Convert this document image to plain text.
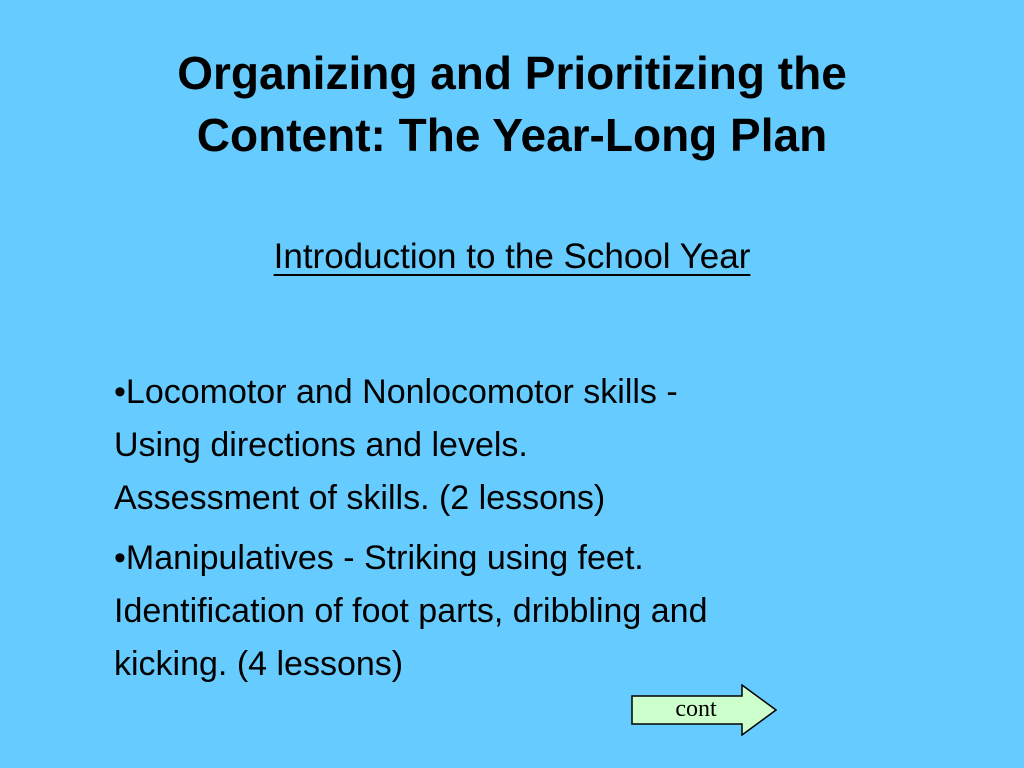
Organizing and Prioritizing the
Content: The Year-Long Plan
Introduction to the School Year
•Locomotor and Nonlocomotor skills -
Using directions and levels.
Assessment of skills. (2 lessons)
•Manipulatives - Striking using feet.
Identification of foot parts, dribbling and
kicking. (4 lessons)
cont
